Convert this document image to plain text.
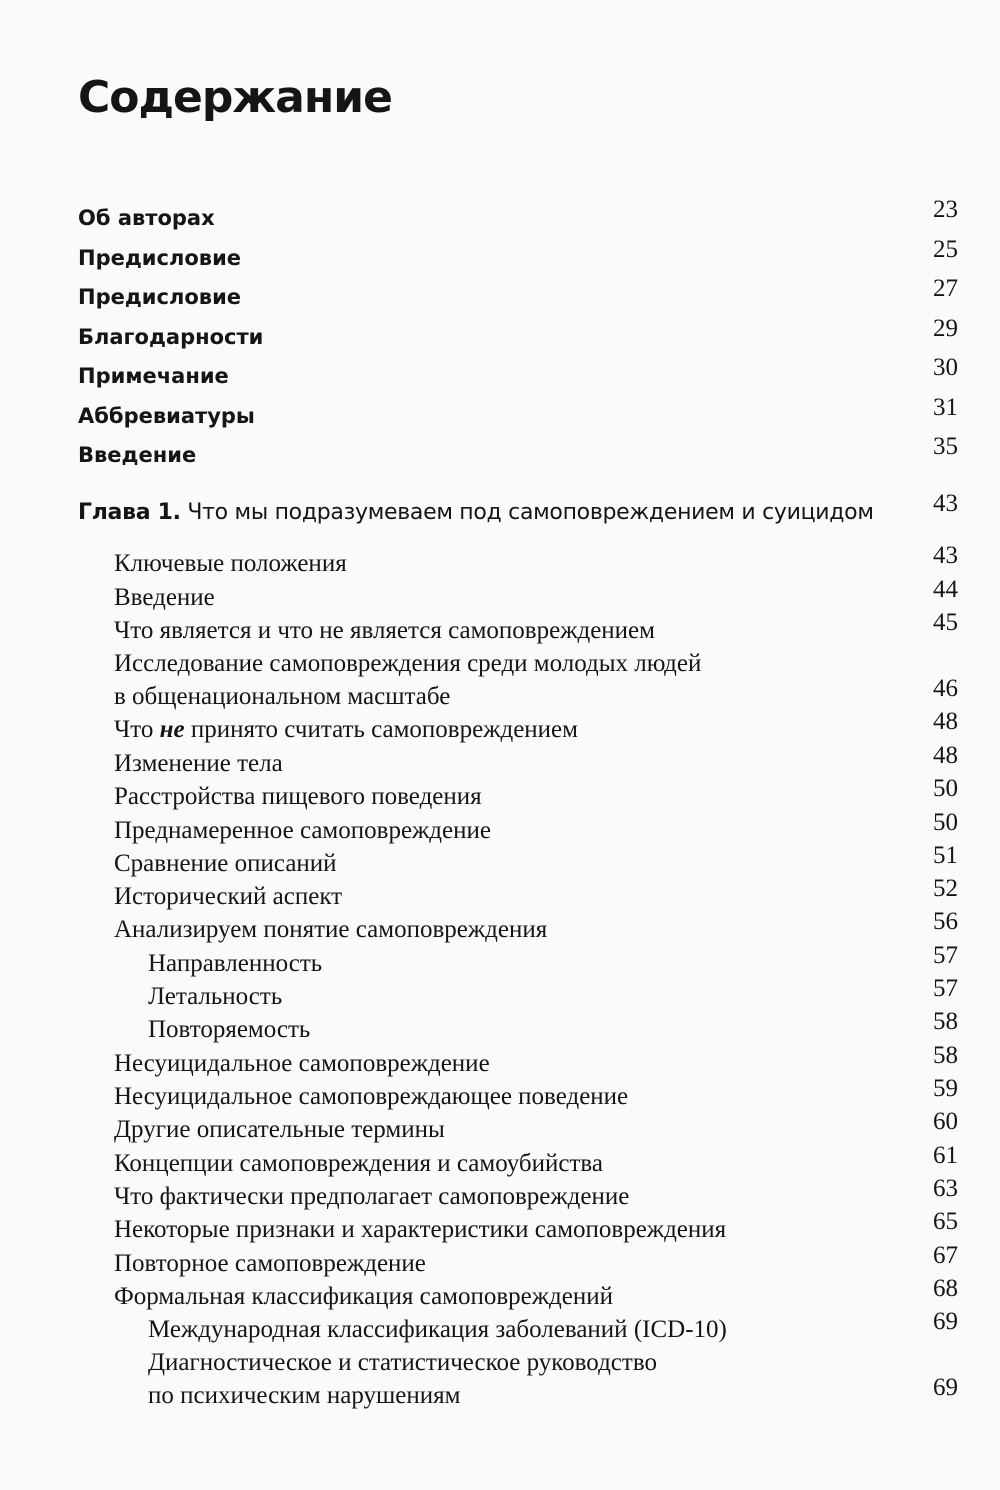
Содержание
Об авторах	23
Предисловие	25
Предисловие	27
Благодарности	29
Примечание	30
Аббревиатуры	31
Введение	35
Глава 1. Что мы подразумеваем под самоповреждением и суицидом 43
Ключевые положения	43
Введение	44
Что является и что не является самоповреждением	45
Исследование самоповреждения среди молодых людей
в общенациональном масштабе	46
Что не принято считать самоповреждением	48
Изменение тела	48
Расстройства пищевого поведения	50
Преднамеренное самоповреждение	50
Сравнение описаний	51
Исторический аспект	52
Анализируем понятие самоповреждения	56
Направленность	57
Летальность	57
Повторяемость	58
Несуицидальное самоповреждение	58
Несуицидальное самоповреждающее поведение	59
Другие описательные термины	60
Концепции самоповреждения и самоубийства	61
Что фактически предполагает самоповреждение	63
Некоторые признаки и характеристики самоповреждения	65
Повторное самоповреждение	67
Формальная классификация самоповреждений	68
Международная классификация заболеваний (ICD-10)	69
Диагностическое и статистическое руководство
по психическим нарушениям	69
